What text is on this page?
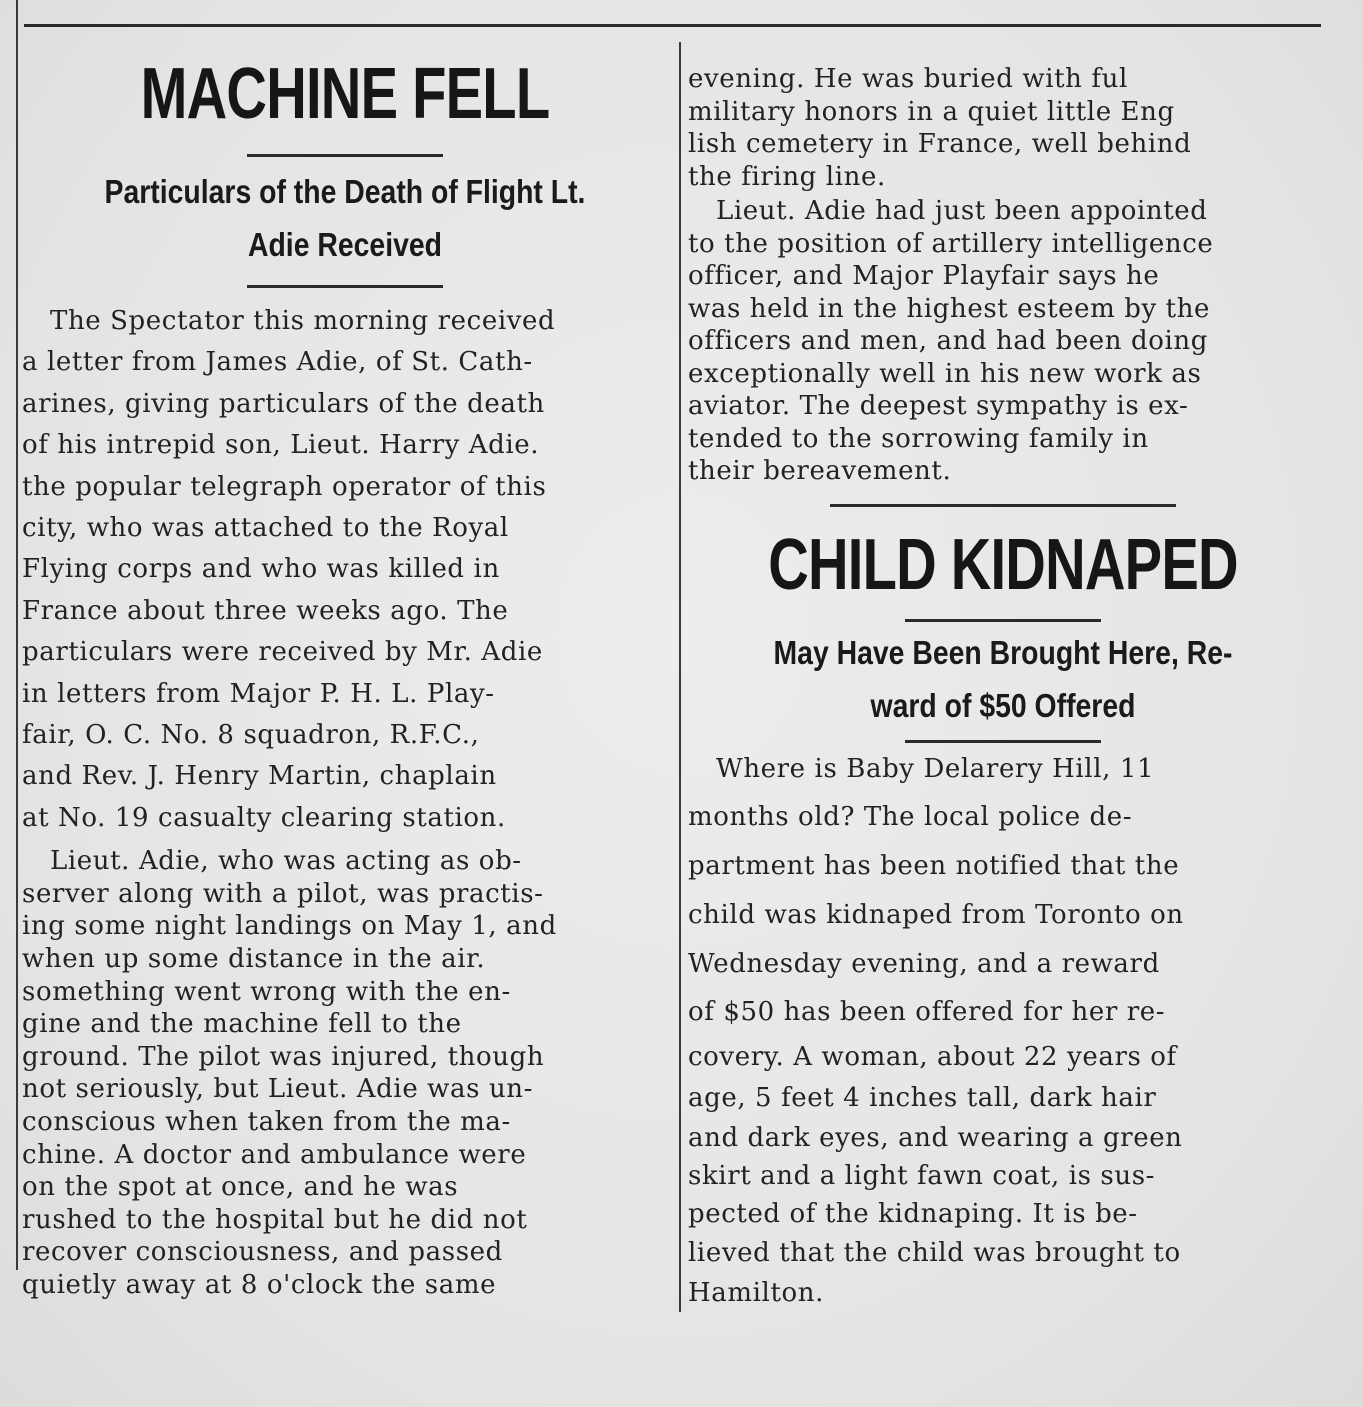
MACHINE FELL

Particulars of the Death of Flight Lt.

Adie Received

The Spectator this morning received
a letter from James Adie, of St. Cath-
arines, giving particulars of the death
of his intrepid son, Lieut. Harry Adie.
the popular telegraph operator of this
city, who was attached to the Royal
Flying corps and who was killed in
France about three weeks ago. The
particulars were received by Mr. Adie
in letters from Major P. H. L. Play-
fair, O. C. No. 8 squadron, R.F.C.,
and Rev. J. Henry Martin, chaplain
at No. 19 casualty clearing station.
Lieut. Adie, who was acting as ob-
server along with a pilot, was practis-
ing some night landings on May 1, and
when up some distance in the air.
something went wrong with the en-
gine and the machine fell to the
ground. The pilot was injured, though
not seriously, but Lieut. Adie was un-
conscious when taken from the ma-
chine. A doctor and ambulance were
on the spot at once, and he was
rushed to the hospital but he did not
recover consciousness, and passed
quietly away at 8 o'clock the same
evening. He was buried with ful
military honors in a quiet little Eng
lish cemetery in France, well behind
the firing line.
Lieut. Adie had just been appointed
to the position of artillery intelligence
officer, and Major Playfair says he
was held in the highest esteem by the
officers and men, and had been doing
exceptionally well in his new work as
aviator. The deepest sympathy is ex-
tended to the sorrowing family in
their bereavement.
CHILD KIDNAPED

May Have Been Brought Here, Re-

ward of $50 Offered

Where is Baby Delarery Hill, 11
months old? The local police de-
partment has been notified that the
child was kidnaped from Toronto on
Wednesday evening, and a reward
of $50 has been offered for her re-
covery. A woman, about 22 years of
age, 5 feet 4 inches tall, dark hair
and dark eyes, and wearing a green
skirt and a light fawn coat, is sus-
pected of the kidnaping. It is be-
lieved that the child was brought to
Hamilton.
